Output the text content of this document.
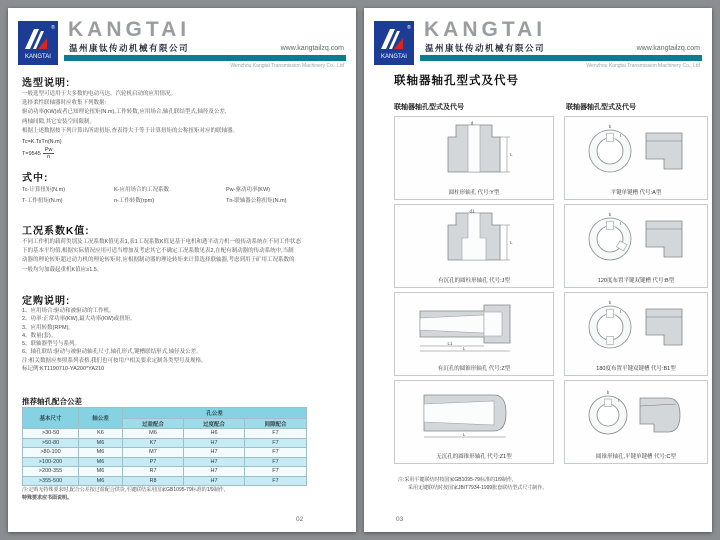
KANGTAI
® KANGTAI
温州康钛传动机械有限公司	www.kangtailzq.com
Wenzhou Kangtai Transmission Machinery Co., Ltd
选型说明:
一般选型可适用于大多数的电动马达、汽轮机启动的应用情况。
选择柔性联轴器时应收集下列数据:
驱动功率(KW)或者已知理论扭矩(N.m),工作转数,应用场合,轴孔联结型式,轴径及公差,
两轴间隙,其它安装空间限制。
根据上述数据按下列计算出所需扭矩,查表得大于等于计算扭矩的公称扭矩对应的联轴器。
Tc=K.TsTn(N.m)
$T=9545 \frac{Pw}{n}$
式中:
Tc-计算扭矩(N.m)	K-应用场合的工况系数	Pw-驱动功率(KW)
T-工作扭矩(N.m)	n-工作转数(rpm)	Tn-联轴器公称扭矩(N.m)
工况系数K值:
不同工作机的载荷类别及工况系数K值见表1,表1工况系数K值是基于电机和透平动力机一般传动系统在不同工作状态
下的基本平均值,根据实际情况应用可适当增加及考虑其它不确定工况系数见表2,在配有制动器的传动系统中,当制
动器的理论转矩超过动力机的理论转矩时,应根据制动器的理论转矩来计算选择联轴器,考虑到用于矿用工况系数的
一般均匀加载起重机K值应≥1.5。
定购说明:
1、应用场合:驱动和被驱动的工作机。
2、功率:正常功率(KW),最大功率(KW)或扭矩。
3、应用转数(RPM)。
4、数量(套)。
5、联轴器型号与系列。
6、轴孔联结:驱动与被驱动轴孔尺寸,轴孔形式,键槽联结形式,轴径及公差。
注:相关数据应参照系列表格,我们也可按用户相关要求定制各类型号及规格。
标记例:KT1190710-YA200*YA210
推荐轴孔配合公差
基本尺寸	轴公差	孔公差		
		过盈配合	过度配合	间隙配合
>30-50	K6	M6	H6	F7
>50-80	M6	K7	H7	F7
>80-100	M6	M7	H7	F7
>100-200	M6	P7	H7	F7
>200-355	M6	R7	H7	F7
>355-500	M6	R8	H7	F7
注:定购无特殊要求时,配合公差按过盈配合供货,平键联结采用国家GB1095-79标准的1/9制作,
特殊要求应书面说明。
02
KANGTAI
® KANGTAI
温州康钛传动机械有限公司	www.kangtailzq.com
Wenzhou Kangtai Transmission Machinery Co., Ltd
联轴器轴孔型式及代号
联轴器轴孔型式及代号	联轴器轴孔型式及代号
d
L
圆柱形轴孔 代号:Y型
d1
L
有沉孔的圆柱形轴孔 代号:J型
L1
L
有沉孔的圆锥形轴孔 代号:Z型
L
无沉孔的圆锥形轴孔 代号:Z1型
b
t
平键单键槽 代号:A型
b
t
120度布置平键双键槽 代号:B型
b
t
180度布置平键双键槽 代号:B1型
b
t
圆锥形轴孔,平键单键槽 代号:C型
注:采用平键联结时按国家GB1095-79标准的1/9制作,
采用无键联结时按国家JB/T7934-1999胀套联结型式尺寸制作。
03
